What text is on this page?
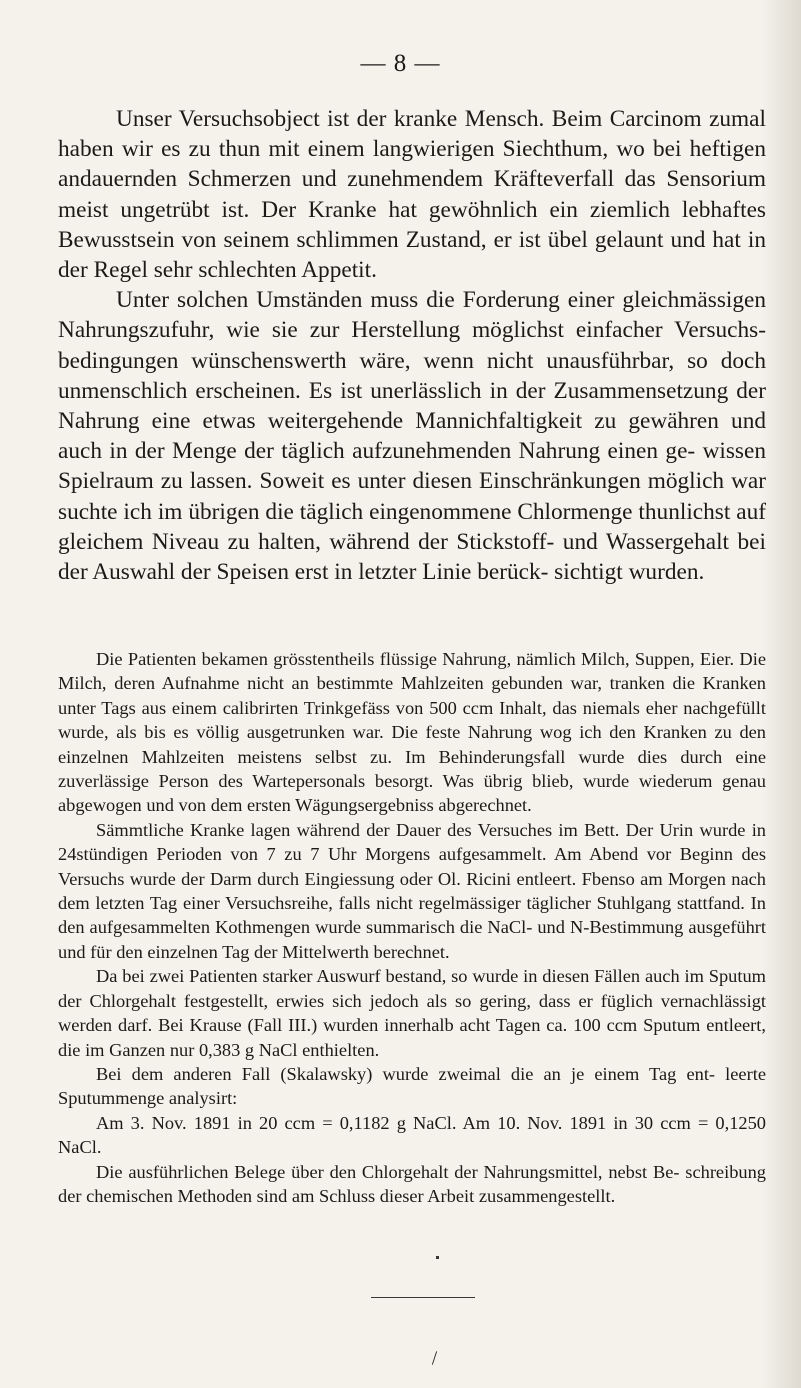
— 8 —

Unser Versuchsobject ist der kranke Mensch. Beim Carcinom zumal haben wir es zu thun mit einem langwierigen Siechthum, wo bei heftigen andauernden Schmerzen und zunehmendem Kräfteverfall das Sensorium meist ungetrübt ist. Der Kranke hat gewöhnlich ein ziemlich lebhaftes Bewusstsein von seinem schlimmen Zustand, er ist übel gelaunt und hat in der Regel sehr schlechten Appetit.

Unter solchen Umständen muss die Forderung einer gleichmässigen Nahrungszufuhr, wie sie zur Herstellung möglichst einfacher Versuchs- bedingungen wünschenswerth wäre, wenn nicht unausführbar, so doch unmenschlich erscheinen. Es ist unerlässlich in der Zusammensetzung der Nahrung eine etwas weitergehende Mannichfaltigkeit zu gewähren und auch in der Menge der täglich aufzunehmenden Nahrung einen ge- wissen Spielraum zu lassen. Soweit es unter diesen Einschränkungen möglich war suchte ich im übrigen die täglich eingenommene Chlormenge thunlichst auf gleichem Niveau zu halten, während der Stickstoff- und Wassergehalt bei der Auswahl der Speisen erst in letzter Linie berück- sichtigt wurden.

Die Patienten bekamen grösstentheils flüssige Nahrung, nämlich Milch, Suppen, Eier. Die Milch, deren Aufnahme nicht an bestimmte Mahlzeiten gebunden war, tranken die Kranken unter Tags aus einem calibrirten Trinkgefäss von 500 ccm Inhalt, das niemals eher nachgefüllt wurde, als bis es völlig ausgetrunken war. Die feste Nahrung wog ich den Kranken zu den einzelnen Mahlzeiten meistens selbst zu. Im Behinderungsfall wurde dies durch eine zuverlässige Person des Wartepersonals besorgt. Was übrig blieb, wurde wiederum genau abgewogen und von dem ersten Wägungsergebniss abgerechnet.

Sämmtliche Kranke lagen während der Dauer des Versuches im Bett. Der Urin wurde in 24stündigen Perioden von 7 zu 7 Uhr Morgens aufgesammelt. Am Abend vor Beginn des Versuchs wurde der Darm durch Eingiessung oder Ol. Ricini entleert. Fbenso am Morgen nach dem letzten Tag einer Versuchsreihe, falls nicht regelmässiger täglicher Stuhlgang stattfand. In den aufgesammelten Kothmengen wurde summarisch die NaCl- und N-Bestimmung ausgeführt und für den einzelnen Tag der Mittelwerth berechnet.

Da bei zwei Patienten starker Auswurf bestand, so wurde in diesen Fällen auch im Sputum der Chlorgehalt festgestellt, erwies sich jedoch als so gering, dass er füglich vernachlässigt werden darf. Bei Krause (Fall III.) wurden innerhalb acht Tagen ca. 100 ccm Sputum entleert, die im Ganzen nur 0,383 g NaCl enthielten.

Bei dem anderen Fall (Skalawsky) wurde zweimal die an je einem Tag ent- leerte Sputummenge analysirt:

Am 3. Nov. 1891 in 20 ccm = 0,1182 g NaCl. Am 10. Nov. 1891 in 30 ccm = 0,1250 NaCl.

Die ausführlichen Belege über den Chlorgehalt der Nahrungsmittel, nebst Be- schreibung der chemischen Methoden sind am Schluss dieser Arbeit zusammengestellt.
